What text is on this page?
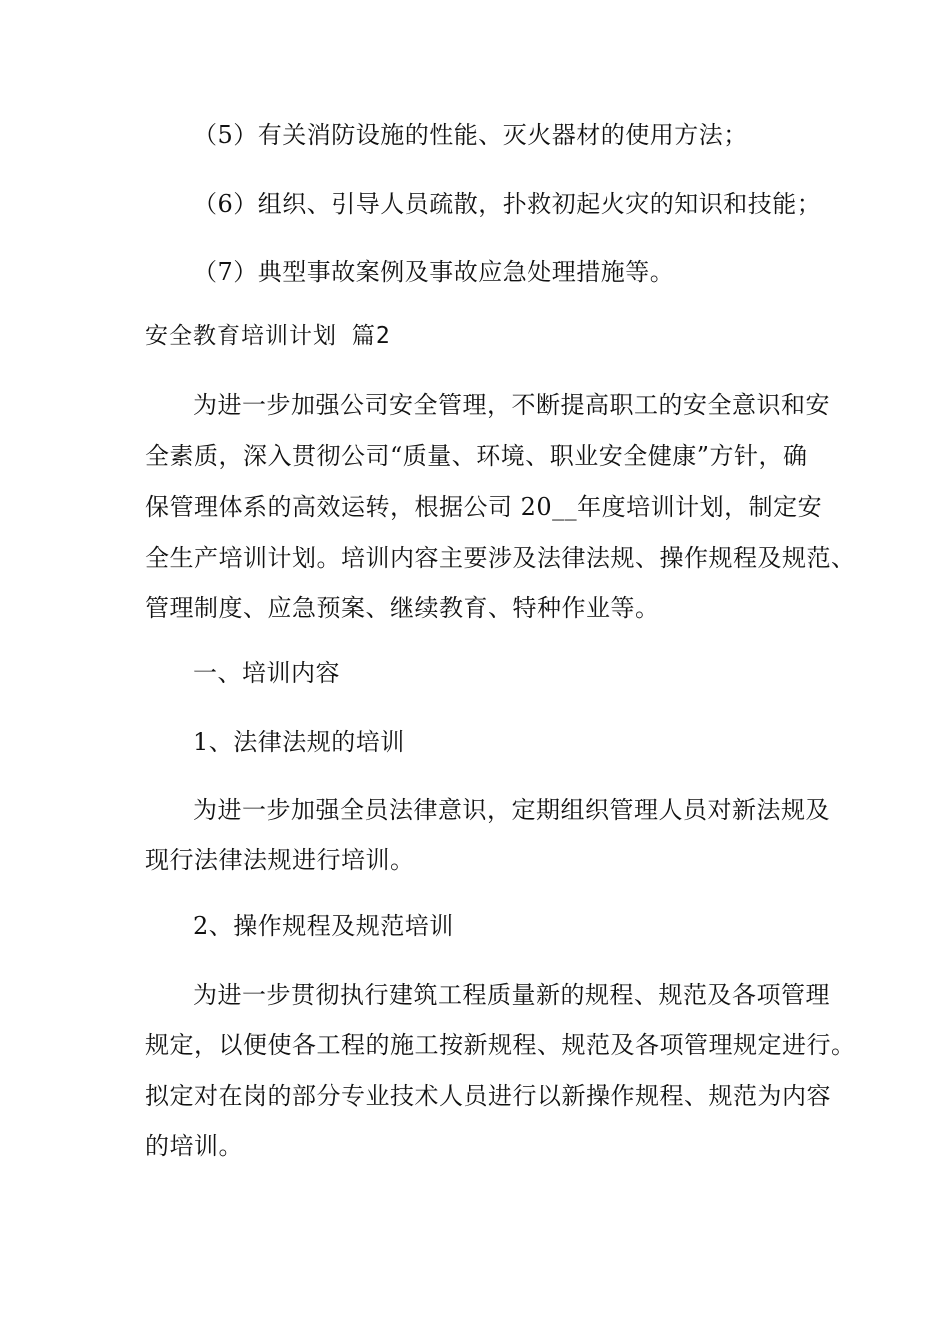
（5）有关消防设施的性能、灭火器材的使用方法；
（6）组织、引导人员疏散，扑救初起火灾的知识和技能；
（7）典型事故案例及事故应急处理措施等。
安全教育培训计划 篇2
为进一步加强公司安全管理，不断提高职工的安全意识和安
全素质，深入贯彻公司“质量、环境、职业安全健康”方针，确
保管理体系的高效运转，根据公司 20__年度培训计划，制定安
全生产培训计划。培训内容主要涉及法律法规、操作规程及规范、
管理制度、应急预案、继续教育、特种作业等。
一、培训内容
1、法律法规的培训
为进一步加强全员法律意识，定期组织管理人员对新法规及
现行法律法规进行培训。
2、操作规程及规范培训
为进一步贯彻执行建筑工程质量新的规程、规范及各项管理
规定，以便使各工程的施工按新规程、规范及各项管理规定进行。
拟定对在岗的部分专业技术人员进行以新操作规程、规范为内容
的培训。
